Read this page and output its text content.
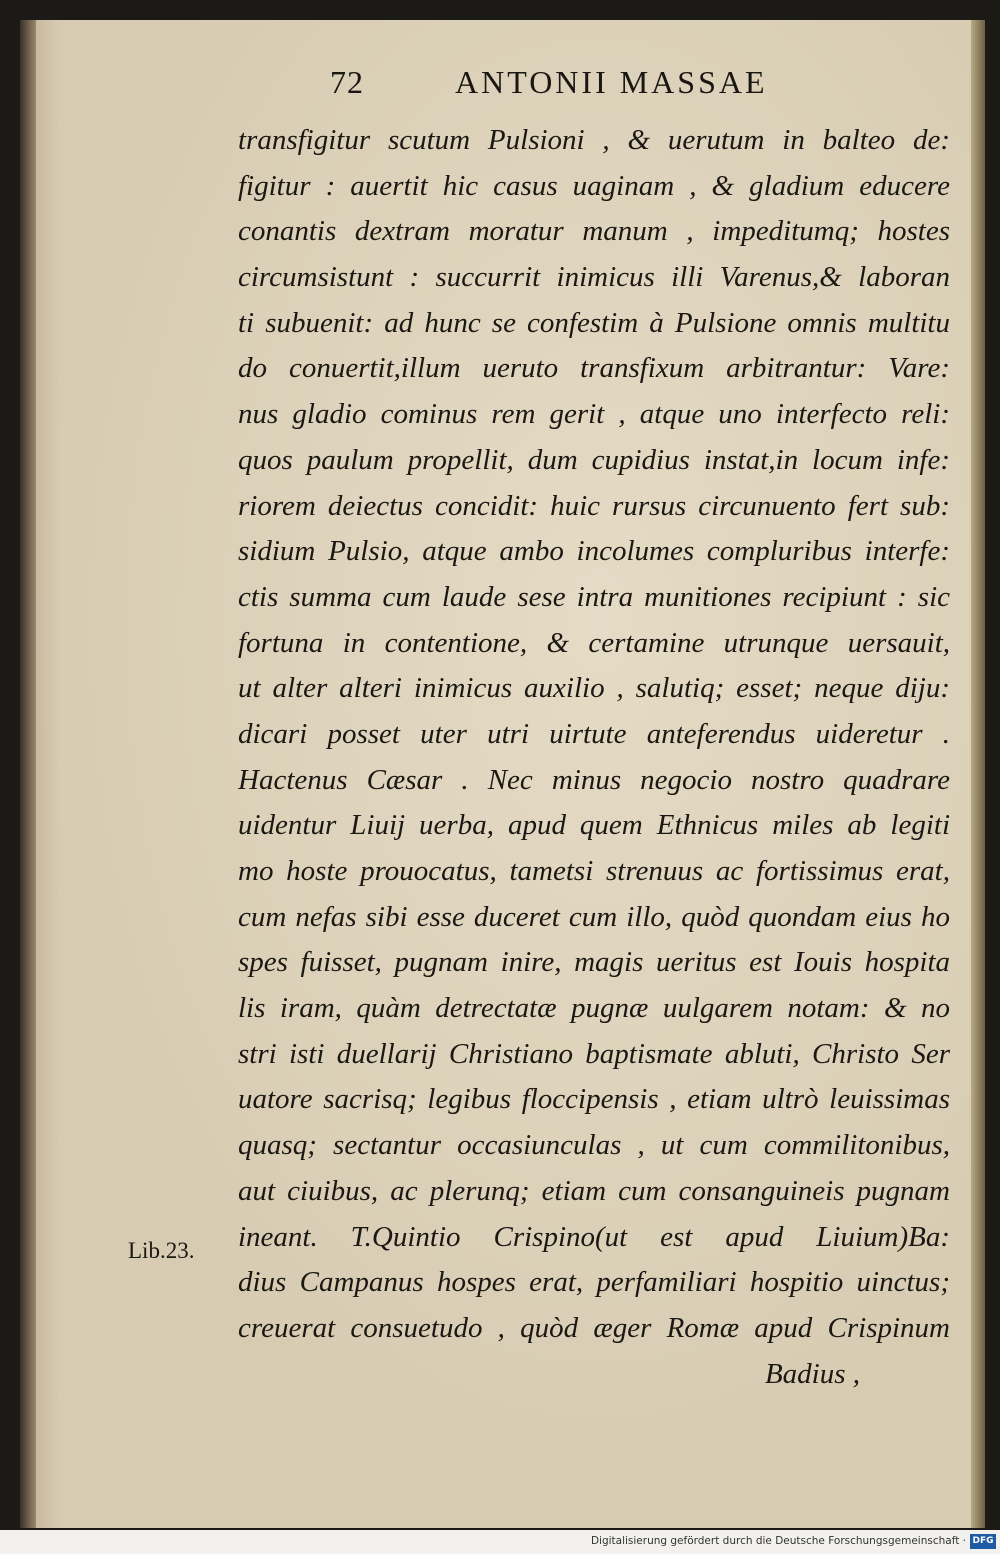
72	ANTONII MASSAE
Lib.23.
transfigitur scutum Pulsioni , & uerutum in balteo de:
figitur : auertit hic casus uaginam , & gladium educere
conantis dextram moratur manum , impeditumq; hostes
circumsistunt : succurrit inimicus illi Varenus,& laboran
ti subuenit: ad hunc se confestim à Pulsione omnis multitu
do conuertit,illum ueruto transfixum arbitrantur: Vare:
nus gladio cominus rem gerit , atque uno interfecto reli:
quos paulum propellit, dum cupidius instat,in locum infe:
riorem deiectus concidit: huic rursus circunuento fert sub:
sidium Pulsio, atque ambo incolumes compluribus interfe:
ctis summa cum laude sese intra munitiones recipiunt : sic
fortuna in contentione, & certamine utrunque uersauit,
ut alter alteri inimicus auxilio , salutiq; esset; neque diju:
dicari posset uter utri uirtute anteferendus uideretur .
Hactenus Cæsar . Nec minus negocio nostro quadrare
uidentur Liuij uerba, apud quem Ethnicus miles ab legiti
mo hoste prouocatus, tametsi strenuus ac fortissimus erat,
cum nefas sibi esse duceret cum illo, quòd quondam eius ho
spes fuisset, pugnam inire, magis ueritus est Iouis hospita
lis iram, quàm detrectatæ pugnæ uulgarem notam: & no
stri isti duellarij Christiano baptismate abluti, Christo Ser
uatore sacrisq; legibus floccipensis , etiam ultrò leuissimas
quasq; sectantur occasiunculas , ut cum commilitonibus,
aut ciuibus, ac plerunq; etiam cum consanguineis pugnam
ineant. T.Quintio Crispino(ut est apud Liuium)Ba:
dius Campanus hospes erat, perfamiliari hospitio uinctus;
creuerat consuetudo , quòd æger Romæ apud Crispinum
Badius ,
Digitalisierung gefördert durch die Deutsche Forschungsgemeinschaft · DFG
